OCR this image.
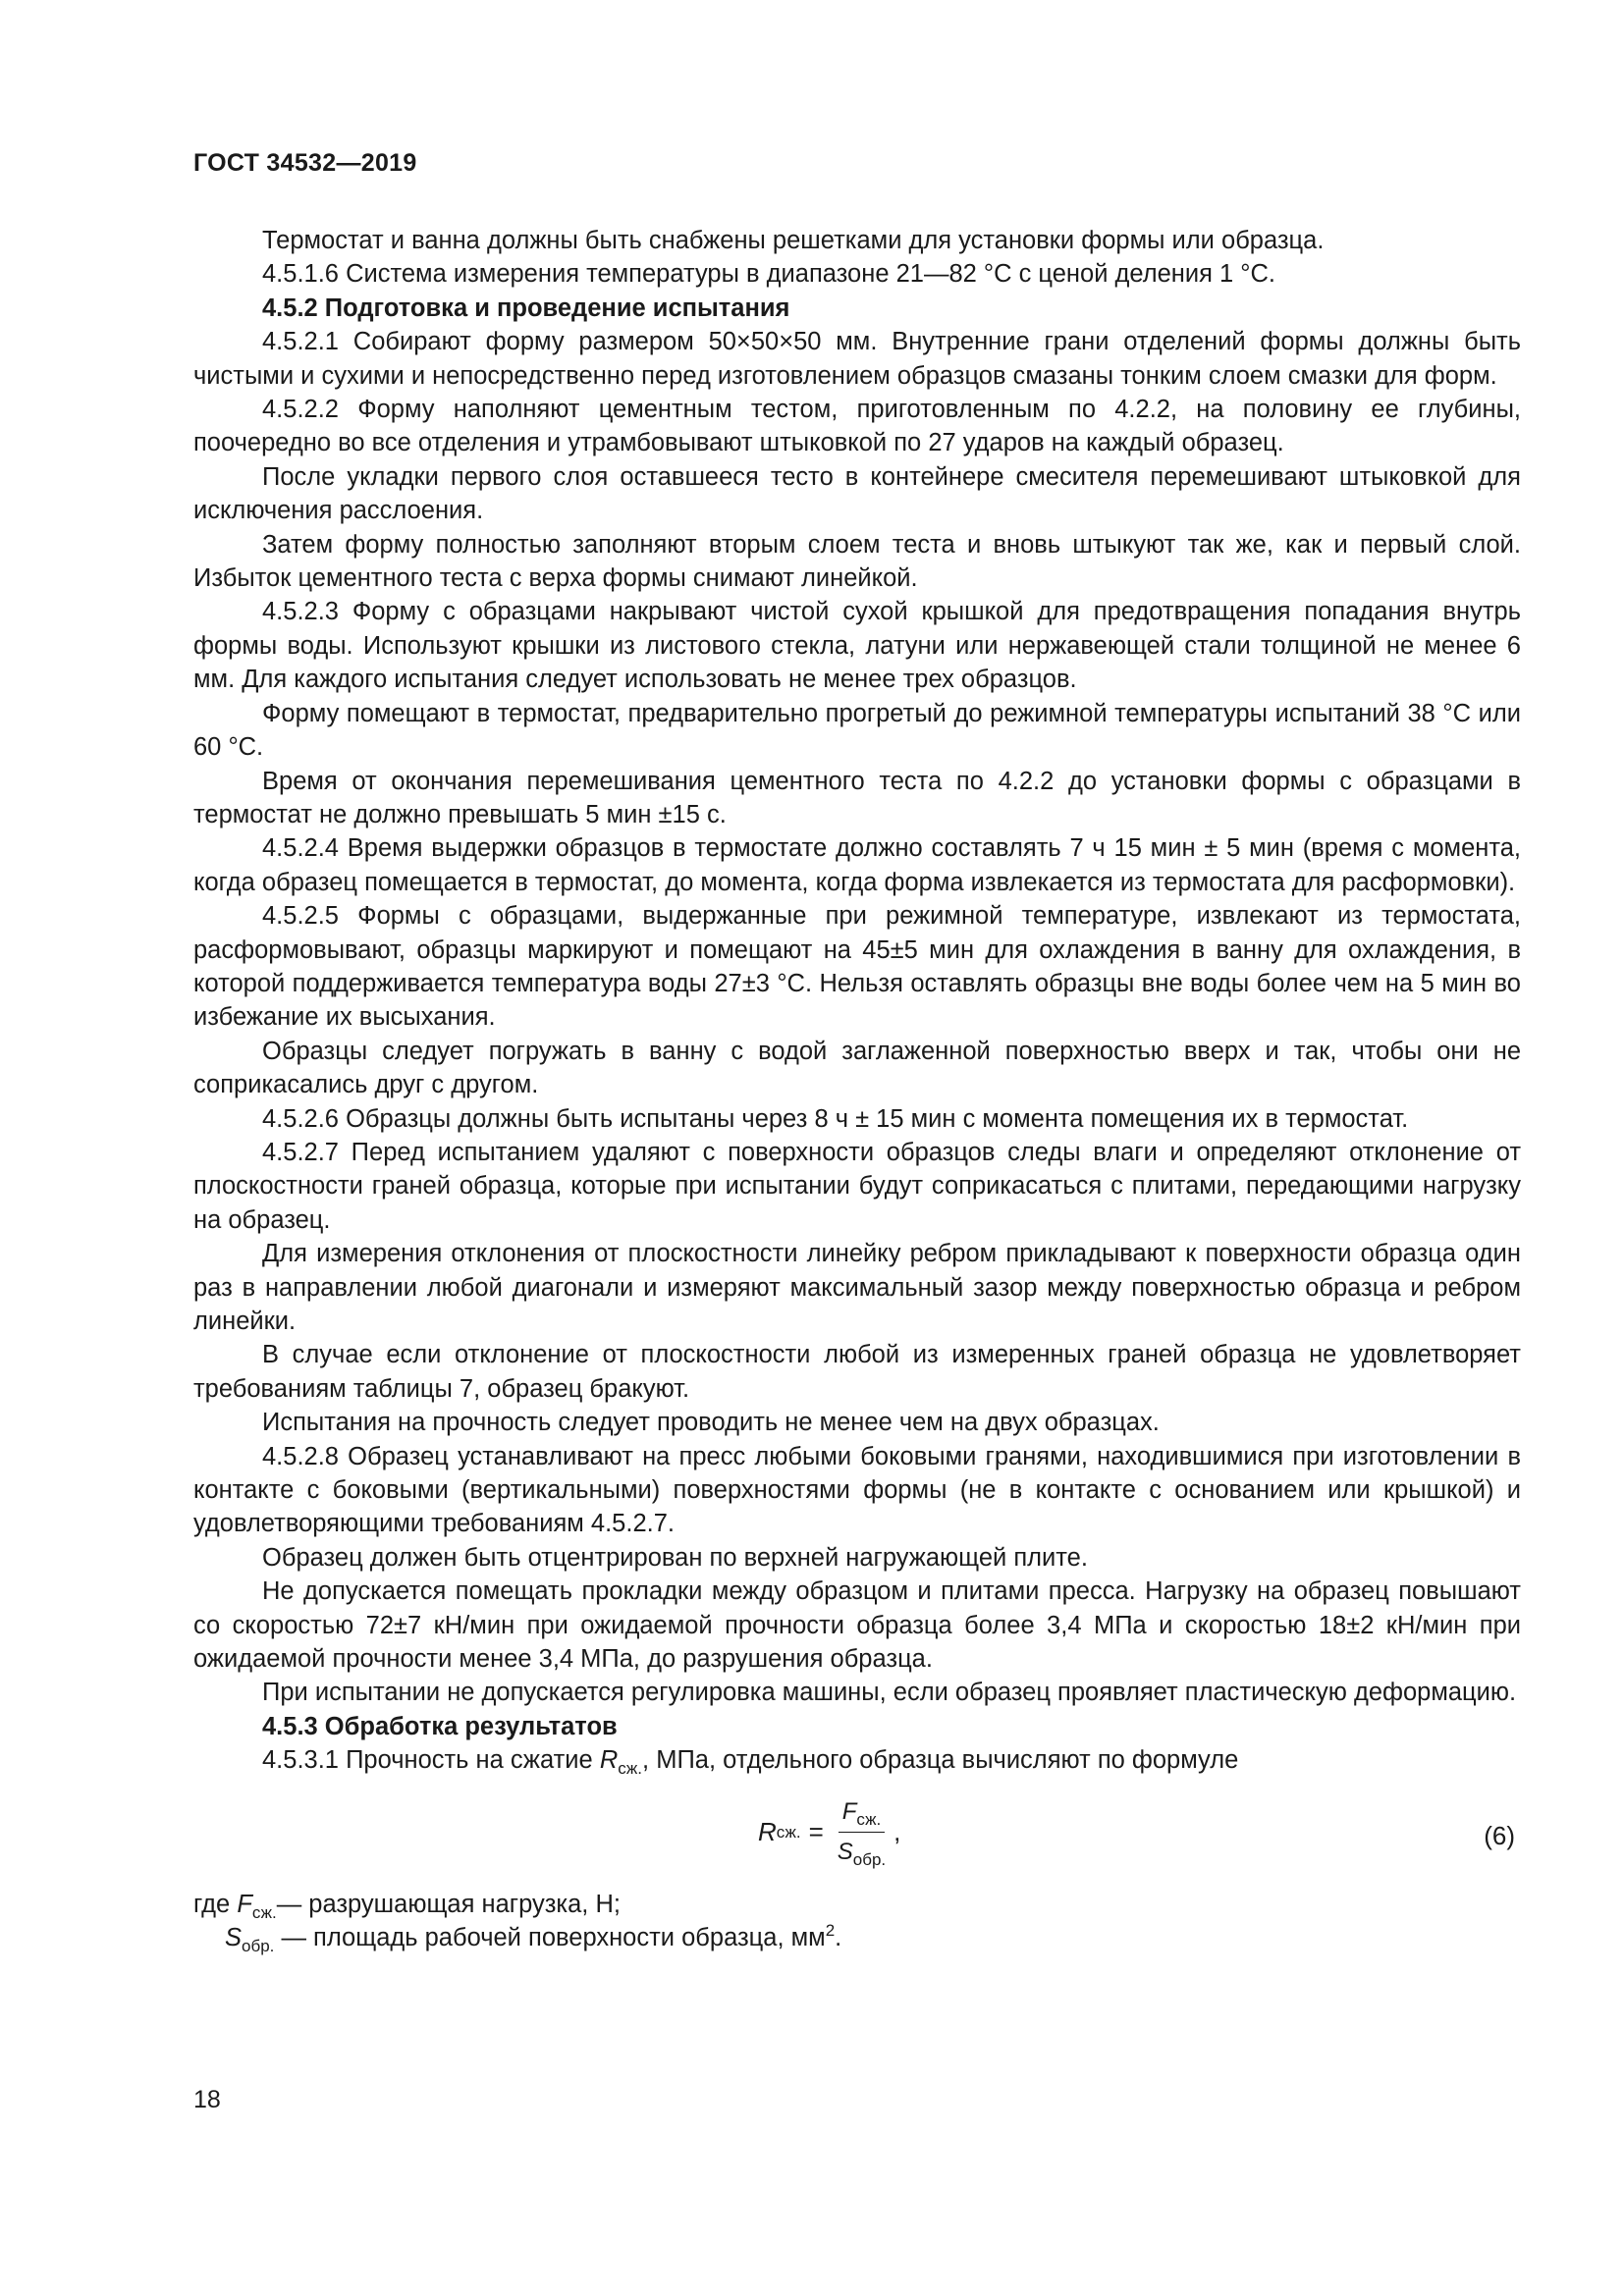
ГОСТ 34532—2019

Термостат и ванна должны быть снабжены решетками для установки формы или образца.

4.5.1.6 Система измерения температуры в диапазоне 21—82 °С с ценой деления 1 °С.

4.5.2 Подготовка и проведение испытания

4.5.2.1 Собирают форму размером 50×50×50 мм. Внутренние грани отделений формы должны быть чистыми и сухими и непосредственно перед изготовлением образцов смазаны тонким слоем смазки для форм.

4.5.2.2 Форму наполняют цементным тестом, приготовленным по 4.2.2, на половину ее глубины, поочередно во все отделения и утрамбовывают штыковкой по 27 ударов на каждый образец.

После укладки первого слоя оставшееся тесто в контейнере смесителя перемешивают штыковкой для исключения расслоения.

Затем форму полностью заполняют вторым слоем теста и вновь штыкуют так же, как и первый слой. Избыток цементного теста с верха формы снимают линейкой.

4.5.2.3 Форму с образцами накрывают чистой сухой крышкой для предотвращения попадания внутрь формы воды. Используют крышки из листового стекла, латуни или нержавеющей стали толщиной не менее 6 мм. Для каждого испытания следует использовать не менее трех образцов.

Форму помещают в термостат, предварительно прогретый до режимной температуры испытаний 38 °С или 60 °С.

Время от окончания перемешивания цементного теста по 4.2.2 до установки формы с образцами в термостат не должно превышать 5 мин ±15 с.

4.5.2.4 Время выдержки образцов в термостате должно составлять 7 ч 15 мин ± 5 мин (время с момента, когда образец помещается в термостат, до момента, когда форма извлекается из термостата для расформовки).

4.5.2.5 Формы с образцами, выдержанные при режимной температуре, извлекают из термостата, расформовывают, образцы маркируют и помещают на 45±5 мин для охлаждения в ванну для охлаждения, в которой поддерживается температура воды 27±3 °С. Нельзя оставлять образцы вне воды более чем на 5 мин во избежание их высыхания.

Образцы следует погружать в ванну с водой заглаженной поверхностью вверх и так, чтобы они не соприкасались друг с другом.

4.5.2.6 Образцы должны быть испытаны через 8 ч ± 15 мин с момента помещения их в термостат.

4.5.2.7 Перед испытанием удаляют с поверхности образцов следы влаги и определяют отклонение от плоскостности граней образца, которые при испытании будут соприкасаться с плитами, передающими нагрузку на образец.

Для измерения отклонения от плоскостности линейку ребром прикладывают к поверхности образца один раз в направлении любой диагонали и измеряют максимальный зазор между поверхностью образца и ребром линейки.

В случае если отклонение от плоскостности любой из измеренных граней образца не удовлетворяет требованиям таблицы 7, образец бракуют.

Испытания на прочность следует проводить не менее чем на двух образцах.

4.5.2.8 Образец устанавливают на пресс любыми боковыми гранями, находившимися при изготовлении в контакте с боковыми (вертикальными) поверхностями формы (не в контакте с основанием или крышкой) и удовлетворяющими требованиям 4.5.2.7.

Образец должен быть отцентрирован по верхней нагружающей плите.

Не допускается помещать прокладки между образцом и плитами пресса. Нагрузку на образец повышают со скоростью 72±7 кН/мин при ожидаемой прочности образца более 3,4 МПа и скоростью 18±2 кН/мин при ожидаемой прочности менее 3,4 МПа, до разрушения образца.

При испытании не допускается регулировка машины, если образец проявляет пластическую деформацию.

4.5.3 Обработка результатов

4.5.3.1 Прочность на сжатие $R_{сж.}$, МПа, отдельного образца вычисляют по формуле

R сж. = $\frac{F_{сж.}}{S_{обр.}}$ ,	(6)

где $F_{сж.}—$ разрушающая нагрузка, Н;

$S_{обр.}$ — площадь рабочей поверхности образца, $мм^2$.

18
